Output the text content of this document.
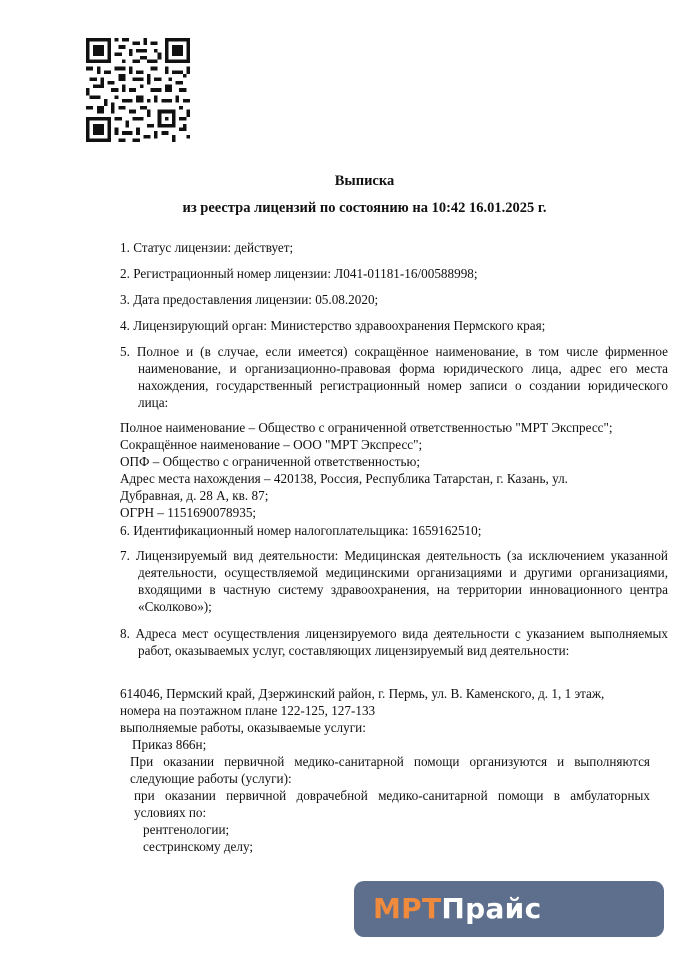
Выписка
из реестра лицензий по состоянию на 10:42 16.01.2025 г.
1. Статус лицензии: действует;
2. Регистрационный номер лицензии: Л041-01181-16/00588998;
3. Дата предоставления лицензии: 05.08.2020;
4. Лицензирующий орган: Министерство здравоохранения Пермского края;
5. Полное и (в случае, если имеется) сокращённое наименование, в том числе фирменное наименование, и организационно-правовая форма юридического лица, адрес его места нахождения, государственный регистрационный номер записи о создании юридического лица:
Полное наименование – Общество с ограниченной ответственностью "МРТ Экспресс";
Сокращённое наименование – ООО "МРТ Экспресс";
ОПФ – Общество с ограниченной ответственностью;
Адрес места нахождения – 420138, Россия, Республика Татарстан, г. Казань, ул.
Дубравная, д. 28 А, кв. 87;
ОГРН – 1151690078935;
6. Идентификационный номер налогоплательщика: 1659162510;
7. Лицензируемый вид деятельности: Медицинская деятельность (за исключением указанной деятельности, осуществляемой медицинскими организациями и другими организациями, входящими в частную систему здравоохранения, на территории инновационного центра «Сколково»);
8. Адреса мест осуществления лицензируемого вида деятельности с указанием выполняемых работ, оказываемых услуг, составляющих лицензируемый вид деятельности:
614046, Пермский край, Дзержинский район, г. Пермь, ул. В. Каменского, д. 1, 1 этаж,
номера на поэтажном плане 122-125, 127-133
выполняемые работы, оказываемые услуги:
Приказ 866н;
При оказании первичной медико-санитарной помощи организуются и выполняются следующие работы (услуги):
при оказании первичной доврачебной медико-санитарной помощи в амбулаторных условиях по:
рентгенологии;
сестринскому делу;
МРТПрайс
